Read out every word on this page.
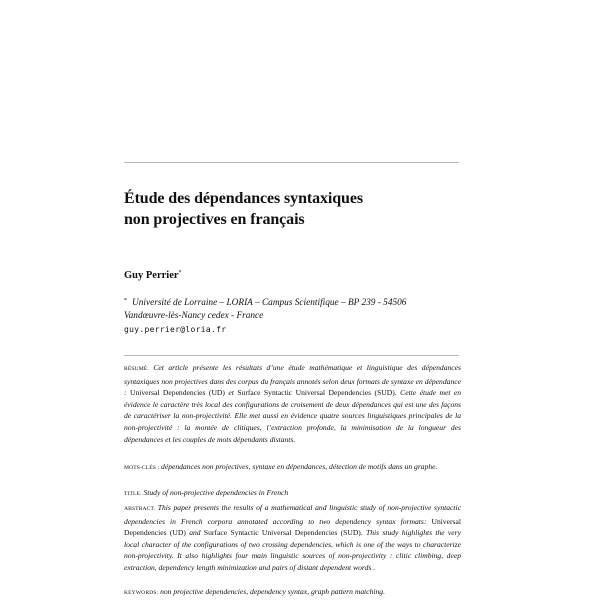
Étude des dépendances syntaxiques
non projectives en français
Guy Perrier*
* Université de Lorraine – LORIA – Campus Scientifique – BP 239 - 54506
Vandœuvre-lès-Nancy cedex - France
guy.perrier@loria.fr
RÉSUMÉ. Cet article présente les résultats d’une étude mathématique et linguistique des dépendances syntaxiques non projectives dans des corpus du français annotés selon deux formats de syntaxe en dépendance : Universal Dependencies (UD) et Surface Syntactic Universal Dependencies (SUD). Cette étude met en évidence le caractère très local des configurations de croisement de deux dépendances qui est une des façons de caractériser la non-projectivité. Elle met aussi en évidence quatre sources linguistiques principales de la non-projectivité : la montée de clitiques, l’extraction profonde, la minimisation de la longueur des dépendances et les couples de mots dépendants distants.
MOTS-CLÉS : dépendances non projectives, syntaxe en dépendances, détection de motifs dans un graphe.
TITLE. Study of non-projective dependencies in French
ABSTRACT. This paper presents the results of a mathematical and linguistic study of non-projective syntactic dependencies in French corpora annotated according to two dependency syntax formats: Universal Dependencies (UD) and Surface Syntactic Universal Dependencies (SUD). This study highlights the very local character of the configurations of two crossing dependencies, which is one of the ways to characterize non-projectivity. It also highlights four main linguistic sources of non-projectivity : clitic climbing, deep extraction, dependency length minimization and pairs of distant dependent words .
KEYWORDS: non projective dependencies, dependency syntax, graph pattern matching.
